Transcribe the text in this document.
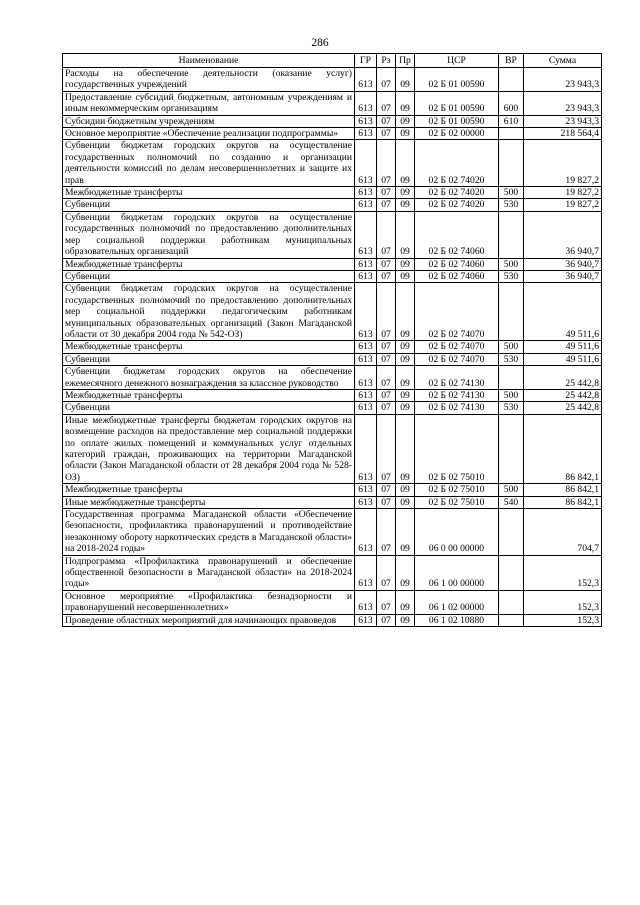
286
Наименование	ГР	Рз	Пр	ЦСР	ВР	Сумма
Расходы на обеспечение деятельности (оказание услуг) государственных учреждений	613	07	09	02 Б 01 00590		23 943,3
Предоставление субсидий бюджетным, автономным учреждениям и иным некоммерческим организациям	613	07	09	02 Б 01 00590	600	23 943,3
Субсидии бюджетным учреждениям	613	07	09	02 Б 01 00590	610	23 943,3
Основное мероприятие «Обеспечение реализации подпрограммы»	613	07	09	02 Б 02 00000		218 564,4
Субвенции бюджетам городских округов на осуществление государственных полномочий по созданию и организации деятельности комиссий по делам несовершеннолетних и защите их прав	613	07	09	02 Б 02 74020		19 827,2
Межбюджетные трансферты	613	07	09	02 Б 02 74020	500	19 827,2
Субвенции	613	07	09	02 Б 02 74020	530	19 827,2
Субвенции бюджетам городских округов на осуществление государственных полномочий по предоставлению дополнительных мер социальной поддержки работникам муниципальных образовательных организаций	613	07	09	02 Б 02 74060		36 940,7
Межбюджетные трансферты	613	07	09	02 Б 02 74060	500	36 940,7
Субвенции	613	07	09	02 Б 02 74060	530	36 940,7
Субвенции бюджетам городских округов на осуществление государственных полномочий по предоставлению дополнительных мер социальной поддержки педагогическим работникам муниципальных образовательных организаций (Закон Магаданской области от 30 декабря 2004 года № 542-ОЗ)	613	07	09	02 Б 02 74070		49 511,6
Межбюджетные трансферты	613	07	09	02 Б 02 74070	500	49 511,6
Субвенции	613	07	09	02 Б 02 74070	530	49 511,6
Субвенции бюджетам городских округов на обеспечение ежемесячного денежного вознаграждения за классное руководство	613	07	09	02 Б 02 74130		25 442,8
Межбюджетные трансферты	613	07	09	02 Б 02 74130	500	25 442,8
Субвенции	613	07	09	02 Б 02 74130	530	25 442,8
Иные межбюджетные трансферты бюджетам городских округов на возмещение расходов на предоставление мер социальной поддержки по оплате жилых помещений и коммунальных услуг отдельных категорий граждан, проживающих на территории Магаданской области (Закон Магаданской области от 28 декабря 2004 года № 528-ОЗ)	613	07	09	02 Б 02 75010		86 842,1
Межбюджетные трансферты	613	07	09	02 Б 02 75010	500	86 842,1
Иные межбюджетные трансферты	613	07	09	02 Б 02 75010	540	86 842,1
Государственная программа Магаданской области «Обеспечение безопасности, профилактика правонарушений и противодействие незаконному обороту наркотических средств в Магаданской области» на 2018-2024 годы»	613	07	09	06 0 00 00000		704,7
Подпрограмма «Профилактика правонарушений и обеспечение общественной безопасности в Магаданской области» на 2018-2024 годы»	613	07	09	06 1 00 00000		152,3
Основное мероприятие «Профилактика безнадзорности и правонарушений несовершеннолетних»	613	07	09	06 1 02 00000		152,3
Проведение областных мероприятий для начинающих правоведов	613	07	09	06 1 02 10880		152,3
